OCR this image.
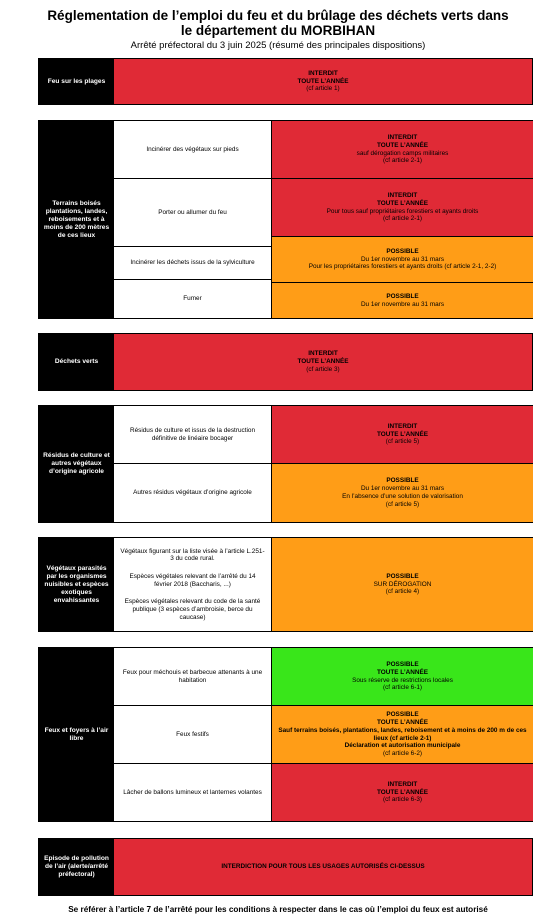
Réglementation de l’emploi du feu et du brûlage des déchets verts dans
le département du MORBIHAN
Arrêté préfectoral du 3 juin 2025 (résumé des principales dispositions)
Feu sur les plages
INTERDIT
TOUTE L’ANNÉE
(cf article 1)
Terrains boisés plantations, landes, reboisements et à moins de 200 mètres de ces lieux
Incinérer des végétaux sur pieds
Porter ou allumer du feu
Incinérer les déchets issus de la sylviculture
Fumer
INTERDIT
TOUTE L’ANNÉE
sauf dérogation camps militaires
(cf article 2-1)
INTERDIT
TOUTE L’ANNÉE
Pour tous sauf propriétaires forestiers et ayants droits
(cf article 2-1)
POSSIBLE
Du 1er novembre au 31 mars
Pour les propriétaires forestiers et ayants droits (cf article 2-1, 2-2)
POSSIBLE
Du 1er novembre au 31 mars
Déchets verts
INTERDIT
TOUTE L’ANNÉE
(cf article 3)
Résidus de culture et autres végétaux d’origine agricole
Résidus de culture et issus de la destruction définitive de linéaire bocager
Autres résidus végétaux d’origine agricole
INTERDIT
TOUTE L’ANNÉE
(cf article 5)
POSSIBLE
Du 1er novembre au 31 mars
En l’absence d’une solution de valorisation
(cf article 5)
Végétaux parasités par les organismes nuisibles et espèces exotiques envahissantes
Végétaux figurant sur la liste visée à l’article L.251-3 du code rural.
Espèces végétales relevant de l’arrêté du 14 février 2018 (Baccharis, ...)
Espèces végétales relevant du code de la santé publique (3 espèces d’ambroisie, berce du caucase)
POSSIBLE
SUR DÉROGATION
(cf article 4)
Feux et foyers à l’air libre
Feux pour méchouis et barbecue attenants à une habitation
Feux festifs
Lâcher de ballons lumineux et lanternes volantes
POSSIBLE
TOUTE L’ANNÉE
Sous réserve de restrictions locales
(cf article 6-1)
POSSIBLE
TOUTE L’ANNÉE
Sauf terrains boisés, plantations, landes, reboisement et à moins de 200 m de ces lieux (cf article 2-1)
Déclaration et autorisation municipale
(cf article 6-2)
INTERDIT
TOUTE L’ANNÉE
(cf article 6-3)
Episode de pollution de l’air (alerte/arrêté préfectoral)
INTERDICTION POUR TOUS LES USAGES AUTORISÉS CI-DESSUS
Se référer à l’article 7 de l’arrêté pour les conditions à respecter dans le cas où l’emploi du feux est autorisé
